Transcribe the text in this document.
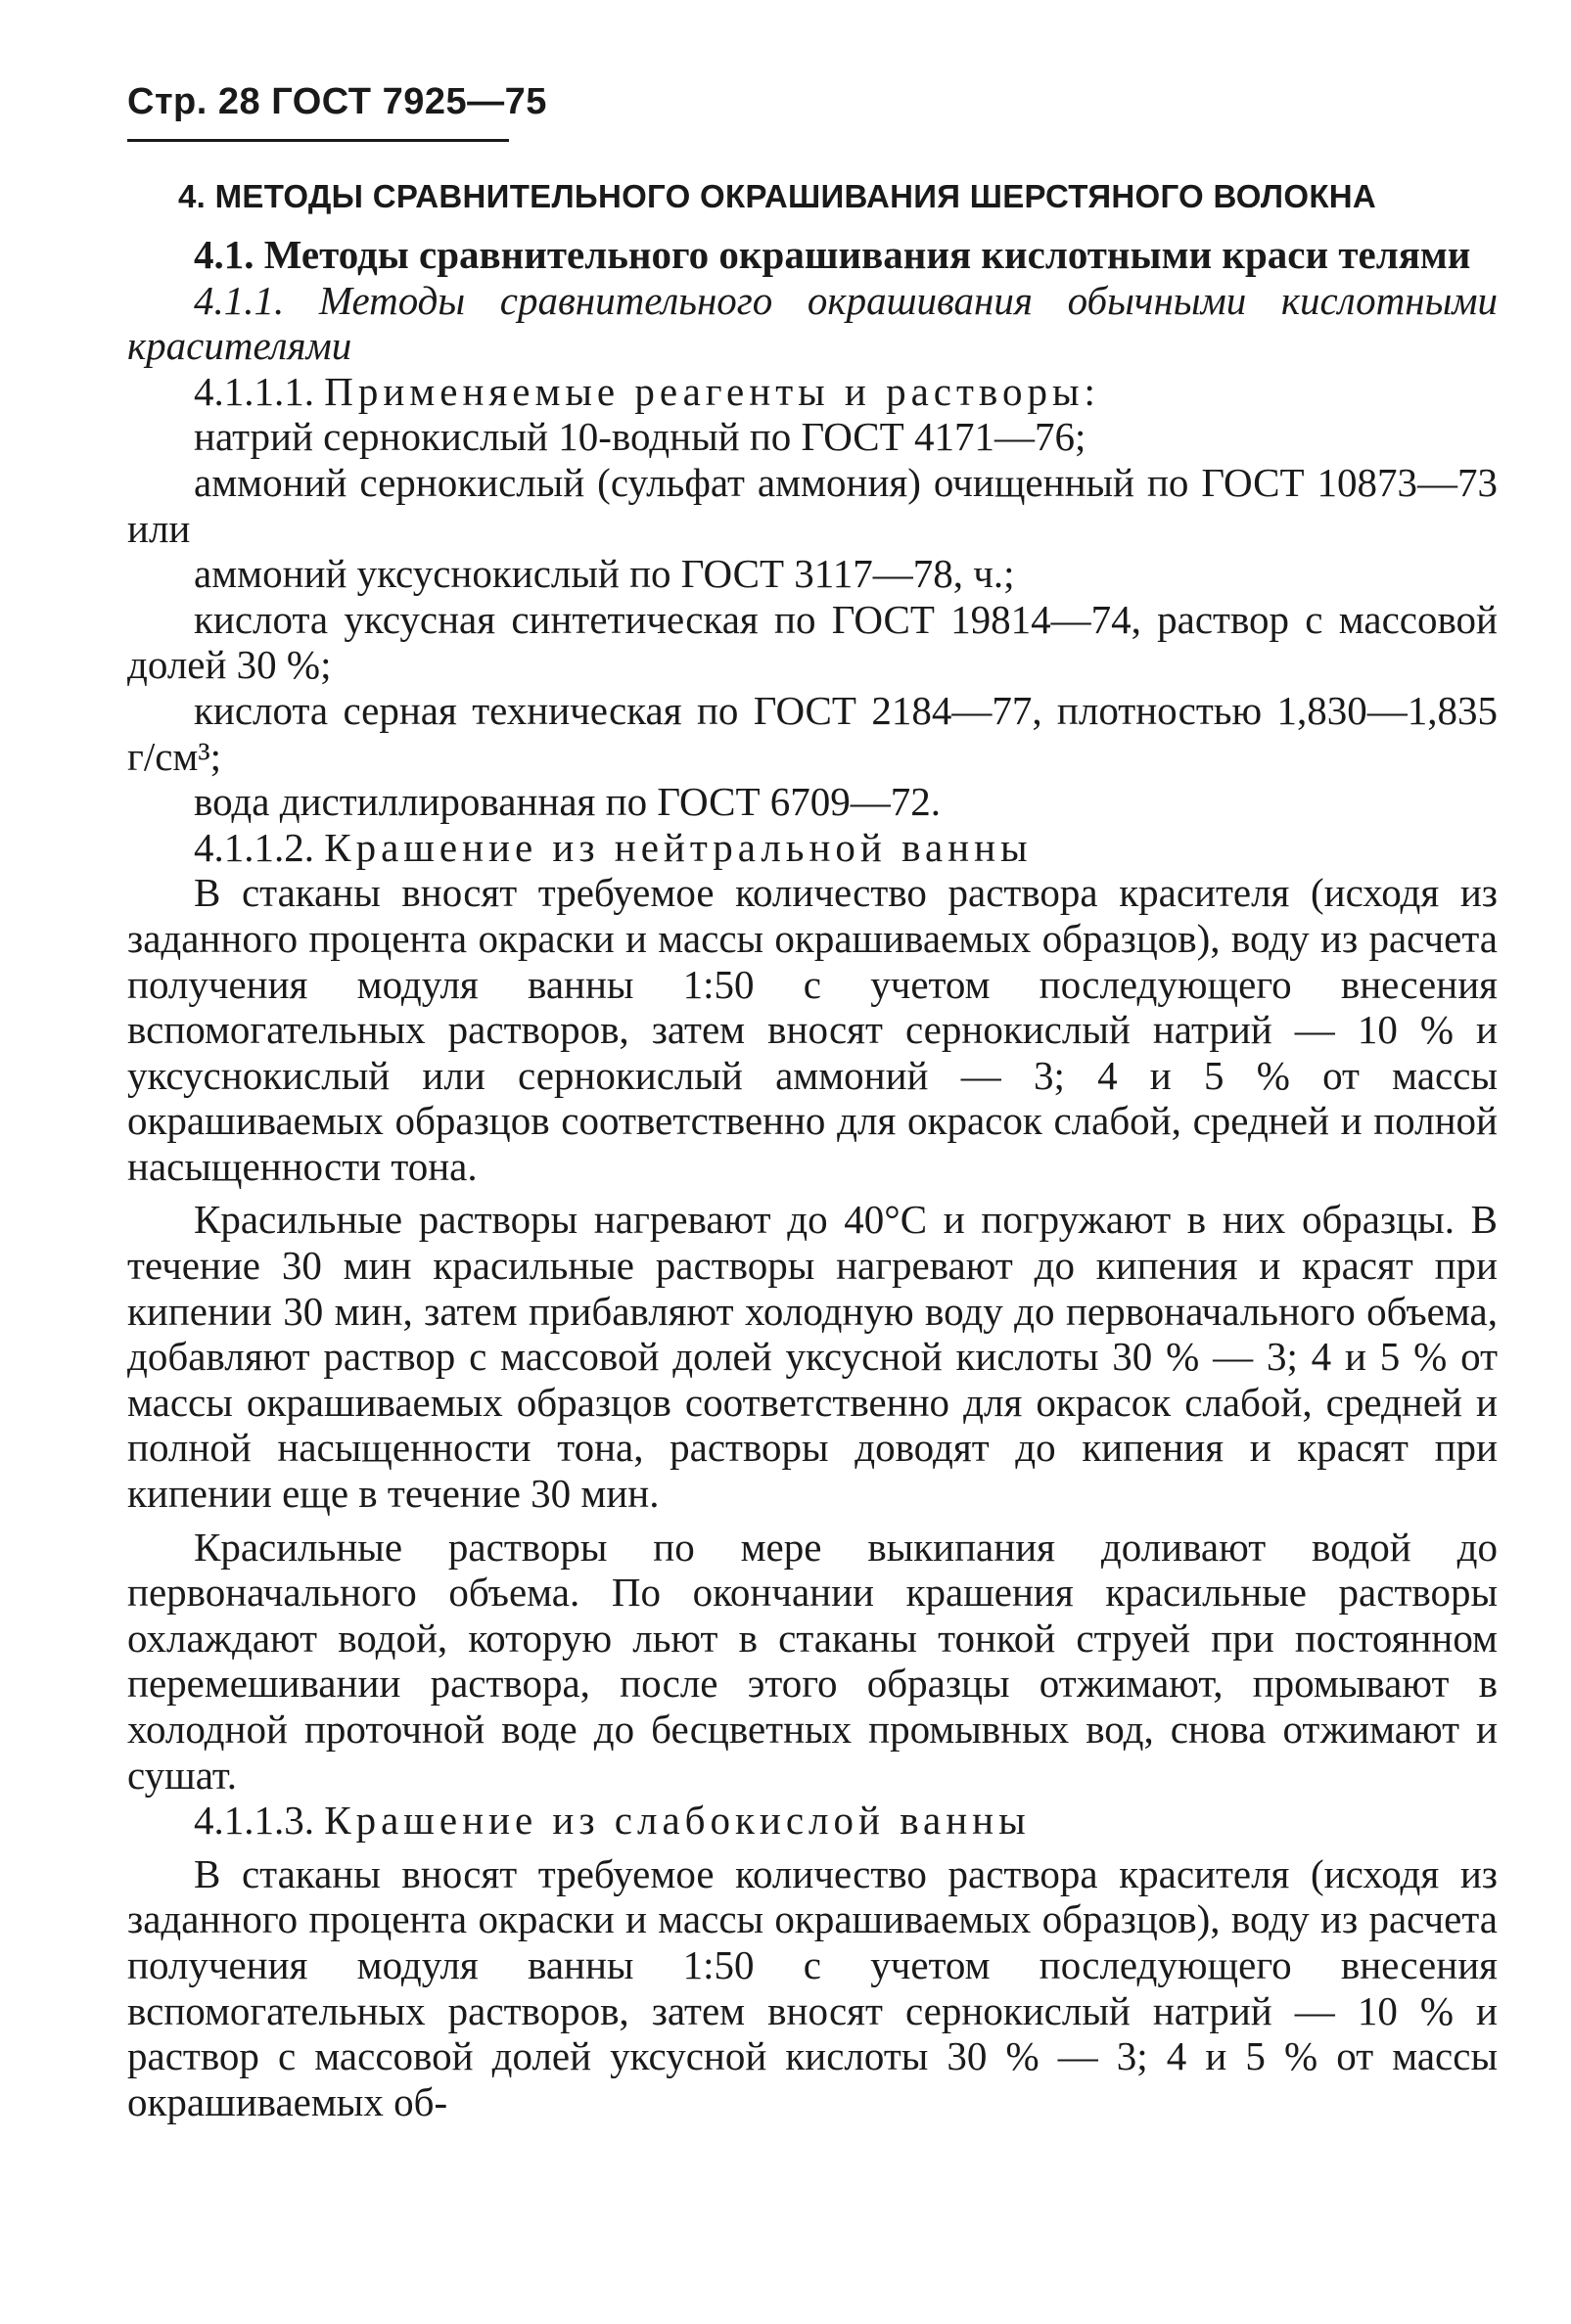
Стр. 28 ГОСТ 7925—75
4. МЕТОДЫ СРАВНИТЕЛЬНОГО ОКРАШИВАНИЯ ШЕРСТЯНОГО ВОЛОКНА

4.1. Методы сравнительного окрашивания кислотными краси телями

4.1.1. Методы сравнительного окрашивания обычными кислотными красителями

4.1.1.1. Применяемые реагенты и растворы:

натрий сернокислый 10-водный по ГОСТ 4171—76;

аммоний сернокислый (сульфат аммония) очищенный по ГОСТ 10873—73 или

аммоний уксуснокислый по ГОСТ 3117—78, ч.;

кислота уксусная синтетическая по ГОСТ 19814—74, раствор с массовой долей 30 %;

кислота серная техническая по ГОСТ 2184—77, плотностью 1,830—1,835 г/см³;

вода дистиллированная по ГОСТ 6709—72.

4.1.1.2. Крашение из нейтральной ванны

В стаканы вносят требуемое количество раствора красителя (исходя из заданного процента окраски и массы окрашиваемых образцов), воду из расчета получения модуля ванны 1:50 с учетом последующего внесения вспомогательных растворов, затем вносят сернокислый натрий — 10 % и уксуснокислый или сернокислый аммоний — 3; 4 и 5 % от массы окрашиваемых образцов соответственно для окрасок слабой, средней и полной насыщенности тона.

Красильные растворы нагревают до 40°С и погружают в них образцы. В течение 30 мин красильные растворы нагревают до кипения и красят при кипении 30 мин, затем прибавляют холодную воду до первоначального объема, добавляют раствор с массовой долей уксусной кислоты 30 % — 3; 4 и 5 % от массы окрашиваемых образцов соответственно для окрасок слабой, средней и полной насыщенности тона, растворы доводят до кипения и красят при кипении еще в течение 30 мин.

Красильные растворы по мере выкипания доливают водой до первоначального объема. По окончании крашения красильные растворы охлаждают водой, которую льют в стаканы тонкой струей при постоянном перемешивании раствора, после этого образцы отжимают, промывают в холодной проточной воде до бесцветных промывных вод, снова отжимают и сушат.

4.1.1.3. Крашение из слабокислой ванны

В стаканы вносят требуемое количество раствора красителя (исходя из заданного процента окраски и массы окрашиваемых образцов), воду из расчета получения модуля ванны 1:50 с учетом последующего внесения вспомогательных растворов, затем вносят сернокислый натрий — 10 % и раствор с массовой долей уксусной кислоты 30 % — 3; 4 и 5 % от массы окрашиваемых об-
